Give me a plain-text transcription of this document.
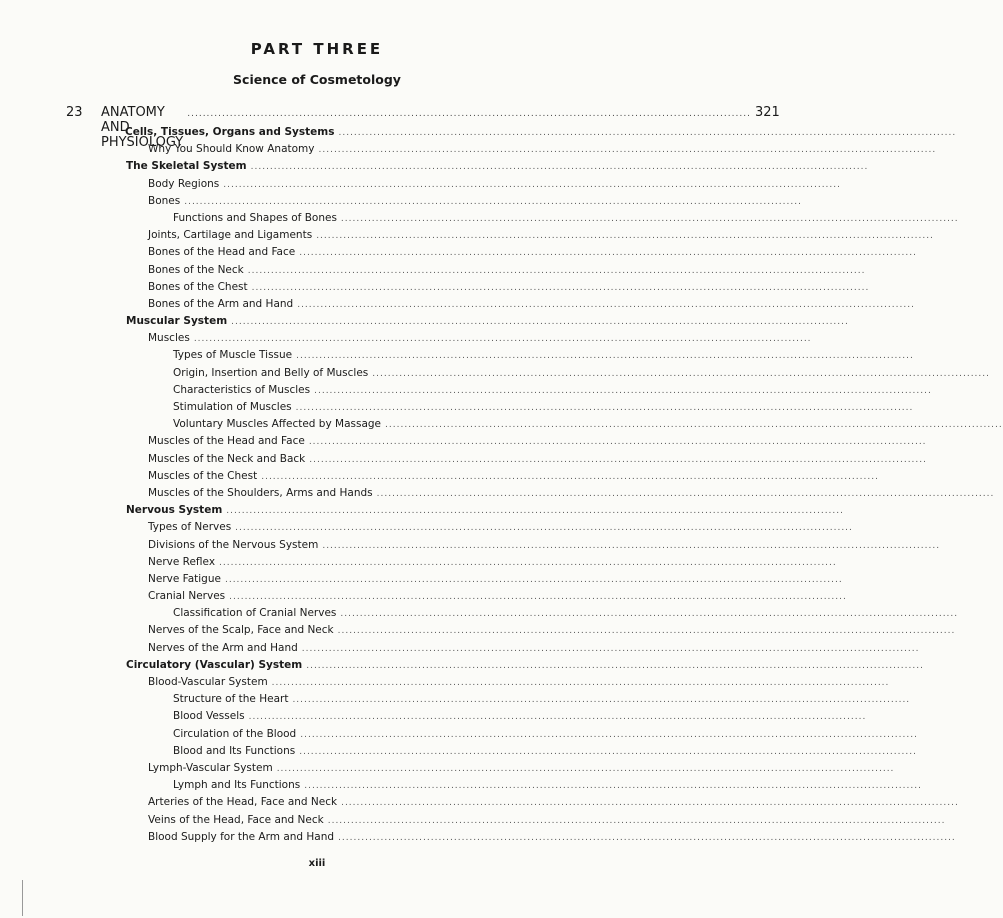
PART THREE
Science of Cosmetology
23 ANATOMY AND PHYSIOLOGY
.................................................................................................................................................. 321
Cells, Tissues, Organs and Systems ................................................................................................................................................................
Why You Should Know Anatomy ................................................................................................................................................................
The Skeletal System ................................................................................................................................................................
Body Regions ................................................................................................................................................................
Bones ................................................................................................................................................................
Functions and Shapes of Bones ................................................................................................................................................................
Joints, Cartilage and Ligaments ................................................................................................................................................................
Bones of the Head and Face ................................................................................................................................................................
Bones of the Neck ................................................................................................................................................................
Bones of the Chest ................................................................................................................................................................
Bones of the Arm and Hand ................................................................................................................................................................
Muscular System ................................................................................................................................................................
Muscles ................................................................................................................................................................
Types of Muscle Tissue ................................................................................................................................................................
Origin, Insertion and Belly of Muscles ................................................................................................................................................................
Characteristics of Muscles ................................................................................................................................................................
Stimulation of Muscles ................................................................................................................................................................
Voluntary Muscles Affected by Massage ................................................................................................................................................................
Muscles of the Head and Face ................................................................................................................................................................
Muscles of the Neck and Back ................................................................................................................................................................
Muscles of the Chest ................................................................................................................................................................
Muscles of the Shoulders, Arms and Hands ................................................................................................................................................................
Nervous System ................................................................................................................................................................
Types of Nerves ................................................................................................................................................................
Divisions of the Nervous System ................................................................................................................................................................
Nerve Reflex ................................................................................................................................................................
Nerve Fatigue ................................................................................................................................................................
Cranial Nerves ................................................................................................................................................................
Classification of Cranial Nerves ................................................................................................................................................................
Nerves of the Scalp, Face and Neck ................................................................................................................................................................
Nerves of the Arm and Hand ................................................................................................................................................................
Circulatory (Vascular) System ................................................................................................................................................................
Blood-Vascular System ................................................................................................................................................................
Structure of the Heart ................................................................................................................................................................
Blood Vessels ................................................................................................................................................................
Circulation of the Blood ................................................................................................................................................................
Blood and Its Functions ................................................................................................................................................................
Lymph-Vascular System ................................................................................................................................................................
Lymph and Its Functions ................................................................................................................................................................
Arteries of the Head, Face and Neck ................................................................................................................................................................
Veins of the Head, Face and Neck ................................................................................................................................................................
Blood Supply for the Arm and Hand ................................................................................................................................................................
xiii
